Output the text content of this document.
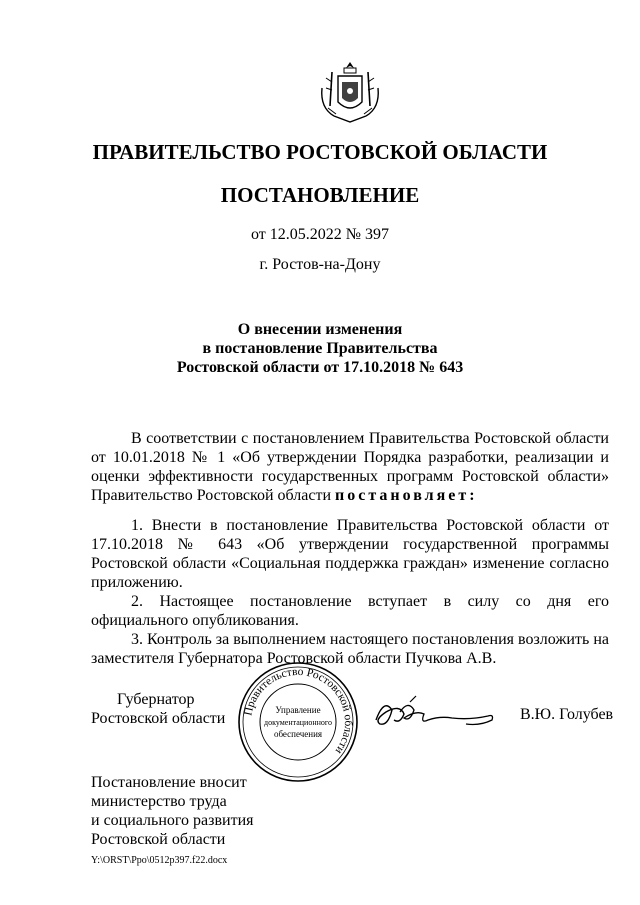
ПРАВИТЕЛЬСТВО РОСТОВСКОЙ ОБЛАСТИ
ПОСТАНОВЛЕНИЕ
от 12.05.2022 № 397
г. Ростов-на-Дону
О внесении изменения
в постановление Правительства
Ростовской области от 17.10.2018 № 643

В соответствии с постановлением Правительства Ростовской области от 10.01.2018 № 1 «Об утверждении Порядка разработки, реализации и оценки эффективности государственных программ Ростовской области» Правительство Ростовской области постановляет:

1. Внести в постановление Правительства Ростовской области от 17.10.2018 № 643 «Об утверждении государственной программы Ростовской области «Социальная поддержка граждан» изменение согласно приложению.

2. Настоящее постановление вступает в силу со дня его официального опубликования.

3. Контроль за выполнением настоящего постановления возложить на заместителя Губернатора Ростовской области Пучкова А.В.

Губернатор
Ростовской области Правительство Ростовской области
Управление
документационного
обеспечения
В.Ю. Голубев
Постановление вносит
министерство труда
и социального развития
Ростовской области
Y:\ORST\Ppo\0512p397.f22.docx
